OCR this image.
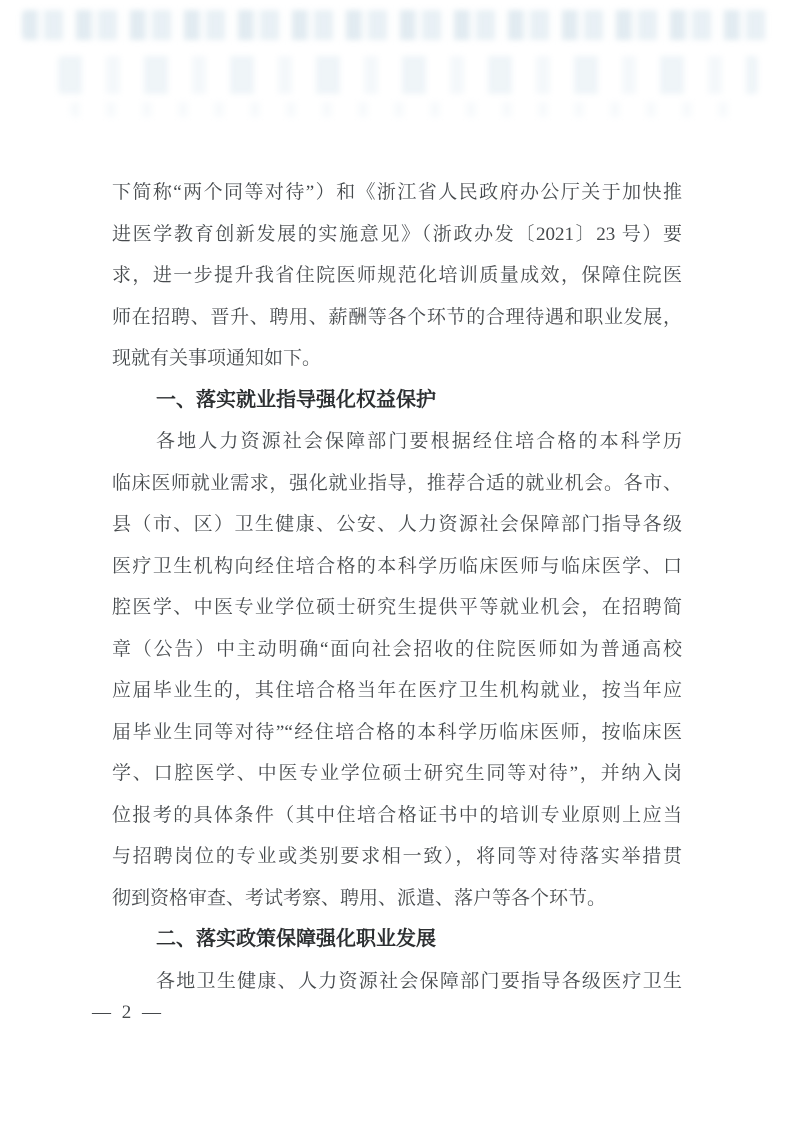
下简称“两个同等对待”）和《浙江省人民政府办公厅关于加快推
进医学教育创新发展的实施意见》（浙政办发〔2021〕23 号）要
求，进一步提升我省住院医师规范化培训质量成效，保障住院医
师在招聘、晋升、聘用、薪酬等各个环节的合理待遇和职业发展，
现就有关事项通知如下。
一、落实就业指导强化权益保护
各地人力资源社会保障部门要根据经住培合格的本科学历
临床医师就业需求，强化就业指导，推荐合适的就业机会。各市、
县（市、区）卫生健康、公安、人力资源社会保障部门指导各级
医疗卫生机构向经住培合格的本科学历临床医师与临床医学、口
腔医学、中医专业学位硕士研究生提供平等就业机会，在招聘简
章（公告）中主动明确“面向社会招收的住院医师如为普通高校
应届毕业生的，其住培合格当年在医疗卫生机构就业，按当年应
届毕业生同等对待”“经住培合格的本科学历临床医师，按临床医
学、口腔医学、中医专业学位硕士研究生同等对待”，并纳入岗
位报考的具体条件（其中住培合格证书中的培训专业原则上应当
与招聘岗位的专业或类别要求相一致），将同等对待落实举措贯
彻到资格审查、考试考察、聘用、派遣、落户等各个环节。
二、落实政策保障强化职业发展
各地卫生健康、人力资源社会保障部门要指导各级医疗卫生
— 2 —
